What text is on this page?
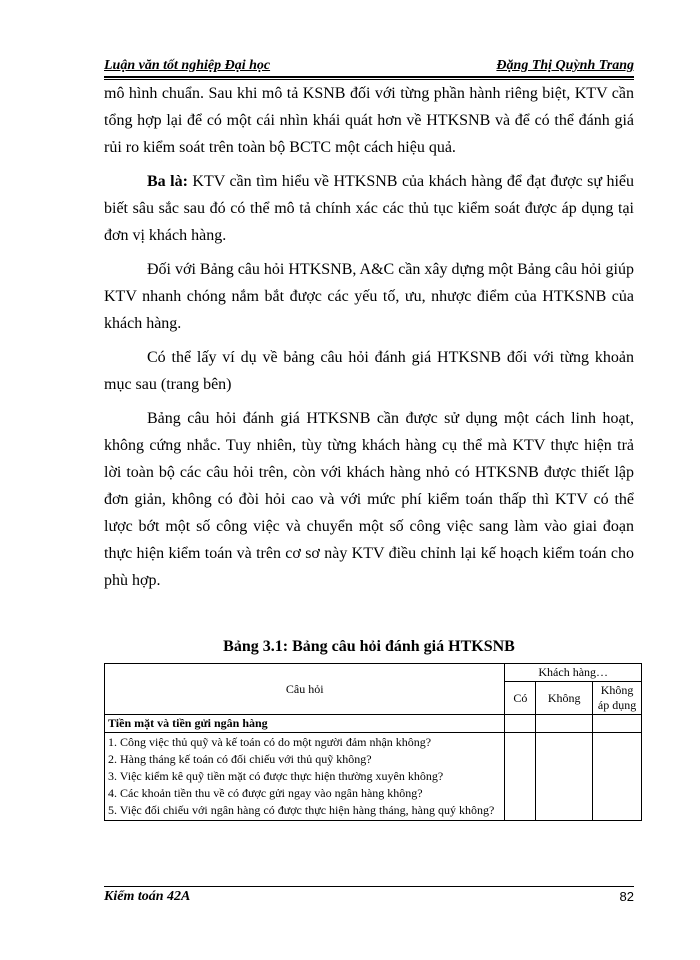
Luận văn tốt nghiệp Đại học	Đặng Thị Quỳnh Trang

mô hình chuẩn. Sau khi mô tả KSNB đối với từng phần hành riêng biệt, KTV cần tổng hợp lại để có một cái nhìn khái quát hơn về HTKSNB và để có thể đánh giá rủi ro kiểm soát trên toàn bộ BCTC một cách hiệu quả.

Ba là: KTV cần tìm hiểu về HTKSNB của khách hàng để đạt được sự hiểu biết sâu sắc sau đó có thể mô tả chính xác các thủ tục kiểm soát được áp dụng tại đơn vị khách hàng.

Đối với Bảng câu hỏi HTKSNB, A&C cần xây dựng một Bảng câu hỏi giúp KTV nhanh chóng nắm bắt được các yếu tố, ưu, nhược điểm của HTKSNB của khách hàng.

Có thể lấy ví dụ về bảng câu hỏi đánh giá HTKSNB đối với từng khoản mục sau (trang bên)

Bảng câu hỏi đánh giá HTKSNB cần được sử dụng một cách linh hoạt, không cứng nhắc. Tuy nhiên, tùy từng khách hàng cụ thể mà KTV thực hiện trả lời toàn bộ các câu hỏi trên, còn với khách hàng nhỏ có HTKSNB được thiết lập đơn giản, không có đòi hỏi cao và với mức phí kiểm toán thấp thì KTV có thể lược bớt một số công việc và chuyển một số công việc sang làm vào giai đoạn thực hiện kiểm toán và trên cơ sơ này KTV điều chỉnh lại kế hoạch kiểm toán cho phù hợp.

Bảng 3.1: Bảng câu hỏi đánh giá HTKSNB
Câu hỏi	Khách hàng…		
	Có	Không	Không áp dụng
Tiền mặt và tiền gửi ngân hàng			

1. Công việc thủ quỹ và kế toán có do một người đảm nhận không?
2. Hàng tháng kế toán có đối chiếu với thủ quỹ không?
3. Việc kiểm kê quỹ tiền mặt có được thực hiện thường xuyên không?
4. Các khoản tiền thu về có được gửi ngay vào ngân hàng không?
5. Việc đối chiếu với ngân hàng có được thực hiện hàng tháng, hàng quý không?			

Kiểm toán 42A	82
